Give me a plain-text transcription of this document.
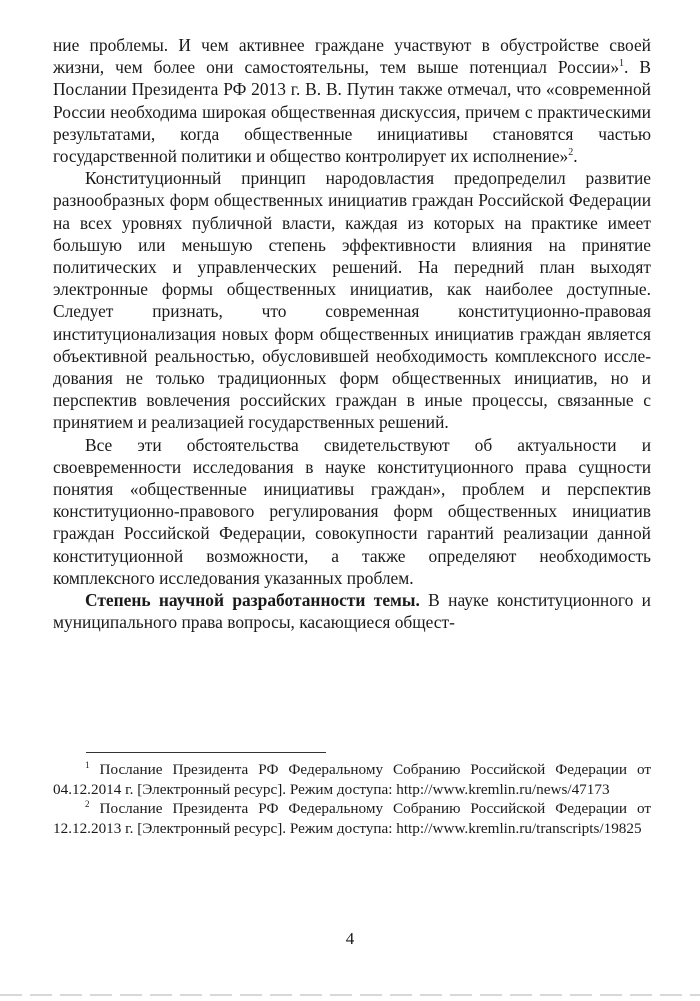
ние проблемы. И чем активнее граждане участвуют в обустройстве своей жизни, чем более они самостоятельны, тем выше потенциал России»$^1$. В Послании Президента РФ 2013 г. В. В. Путин также отмечал, что «современной России необходима широкая общественная дискуссия, причем с практическими результатами, когда общественные инициативы становятся частью государственной политики и общество контролирует их исполнение»$^2$.

Конституционный принцип народовластия предопределил развитие разнообразных форм общественных инициатив граждан Российской Федерации на всех уровнях публичной власти, каждая из которых на практике имеет большую или меньшую степень эффективности влияния на принятие политических и управленческих решений. На передний план выходят электронные формы общественных инициатив, как наиболее доступные. Следует признать, что современная конституционно-правовая институционализация новых форм общественных инициатив граждан является объективной реальностью, обусловившей необходимость комплексного исследования не только традиционных форм общественных инициатив, но и перспектив вовлечения российских граждан в иные процессы, связанные с принятием и реализацией государственных решений.

Все эти обстоятельства свидетельствуют об актуальности и своевременности исследования в науке конституционного права сущности понятия «общественные инициативы граждан», проблем и перспектив конституционно-правового регулирования форм общественных инициатив граждан Российской Федерации, совокупности гарантий реализации данной конституционной возможности, а также определяют необходимость комплексного исследования указанных проблем.

Степень научной разработанности темы. В науке конституционного и муниципального права вопросы, касающиеся общест-

$^1$ Послание Президента РФ Федеральному Собранию Российской Федерации от 04.12.2014 г. [Электронный ресурс]. Режим доступа: http://www.kremlin.ru/news/47173

$^2$ Послание Президента РФ Федеральному Собранию Российской Федерации от 12.12.2013 г. [Электронный ресурс]. Режим доступа: http://www.kremlin.ru/transcripts/19825

4
